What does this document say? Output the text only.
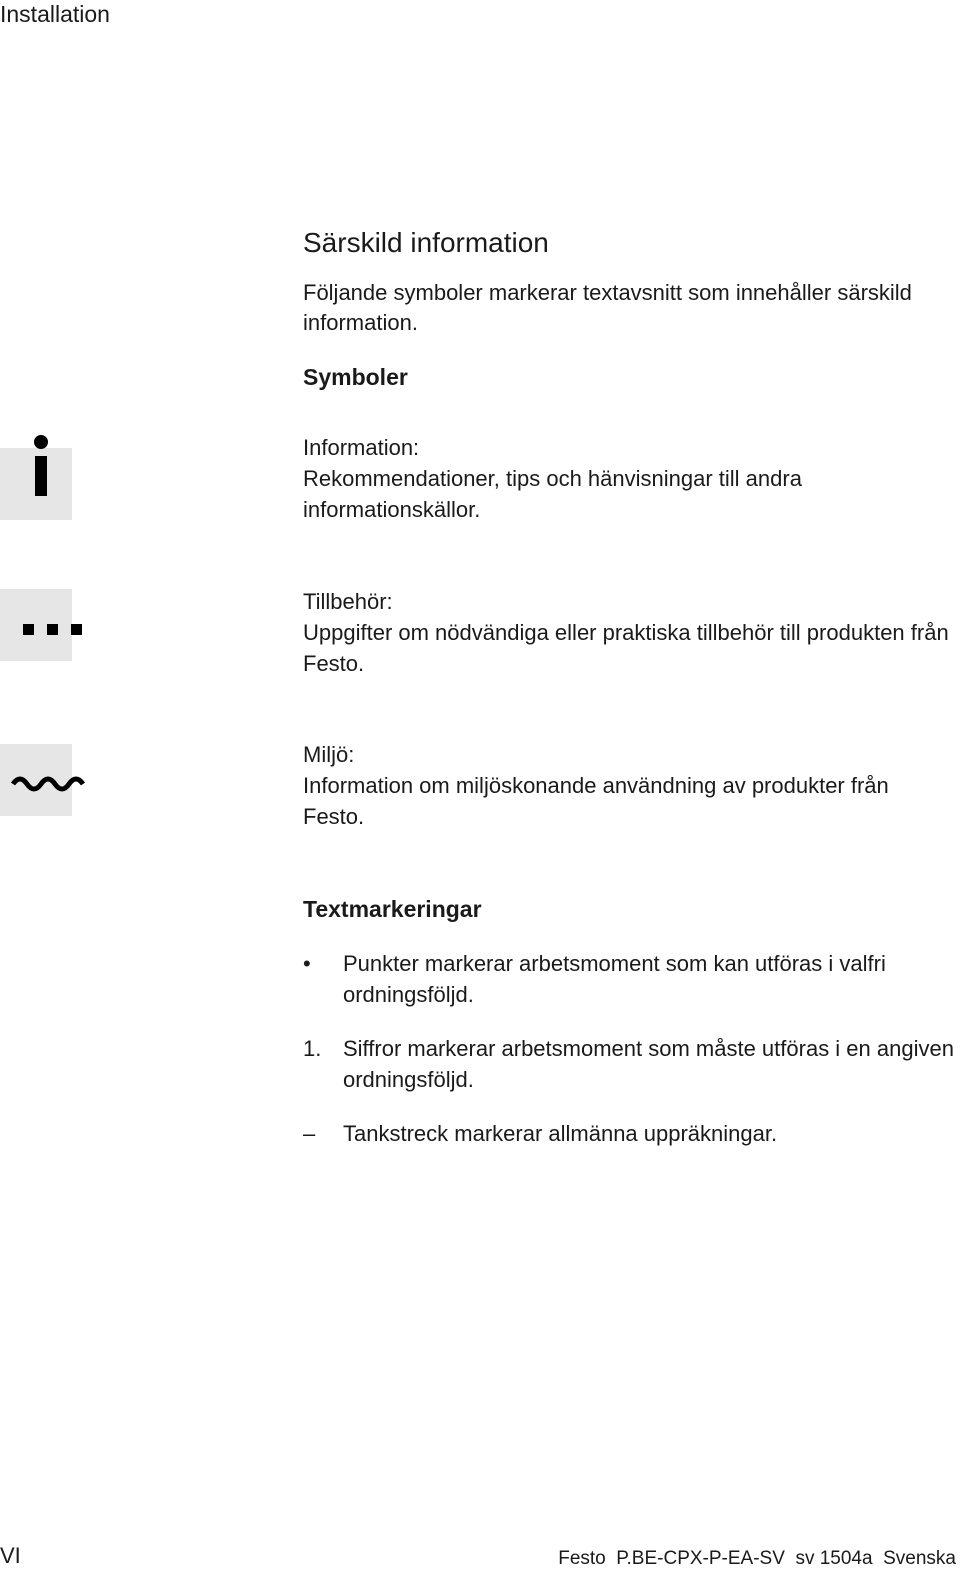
Installation
Särskild information
Följande symboler markerar textavsnitt som innehåller särskild information.
Symboler
Information:
Rekommendationer, tips och hänvisningar till andra informationskällor.
Tillbehör:
Uppgifter om nödvändiga eller praktiska tillbehör till produkten från Festo.
Miljö:
Information om miljöskonande användning av produkter från Festo.
Textmarkeringar
•	Punkter markerar arbetsmoment som kan utföras i valfri ordningsföljd.
1. Siffror markerar arbetsmoment som måste utföras i en angiven ordningsföljd.
–	Tankstreck markerar allmänna uppräkningar.
VI	Festo  P.BE-CPX-P-EA-SV  sv 1504a  Svenska
